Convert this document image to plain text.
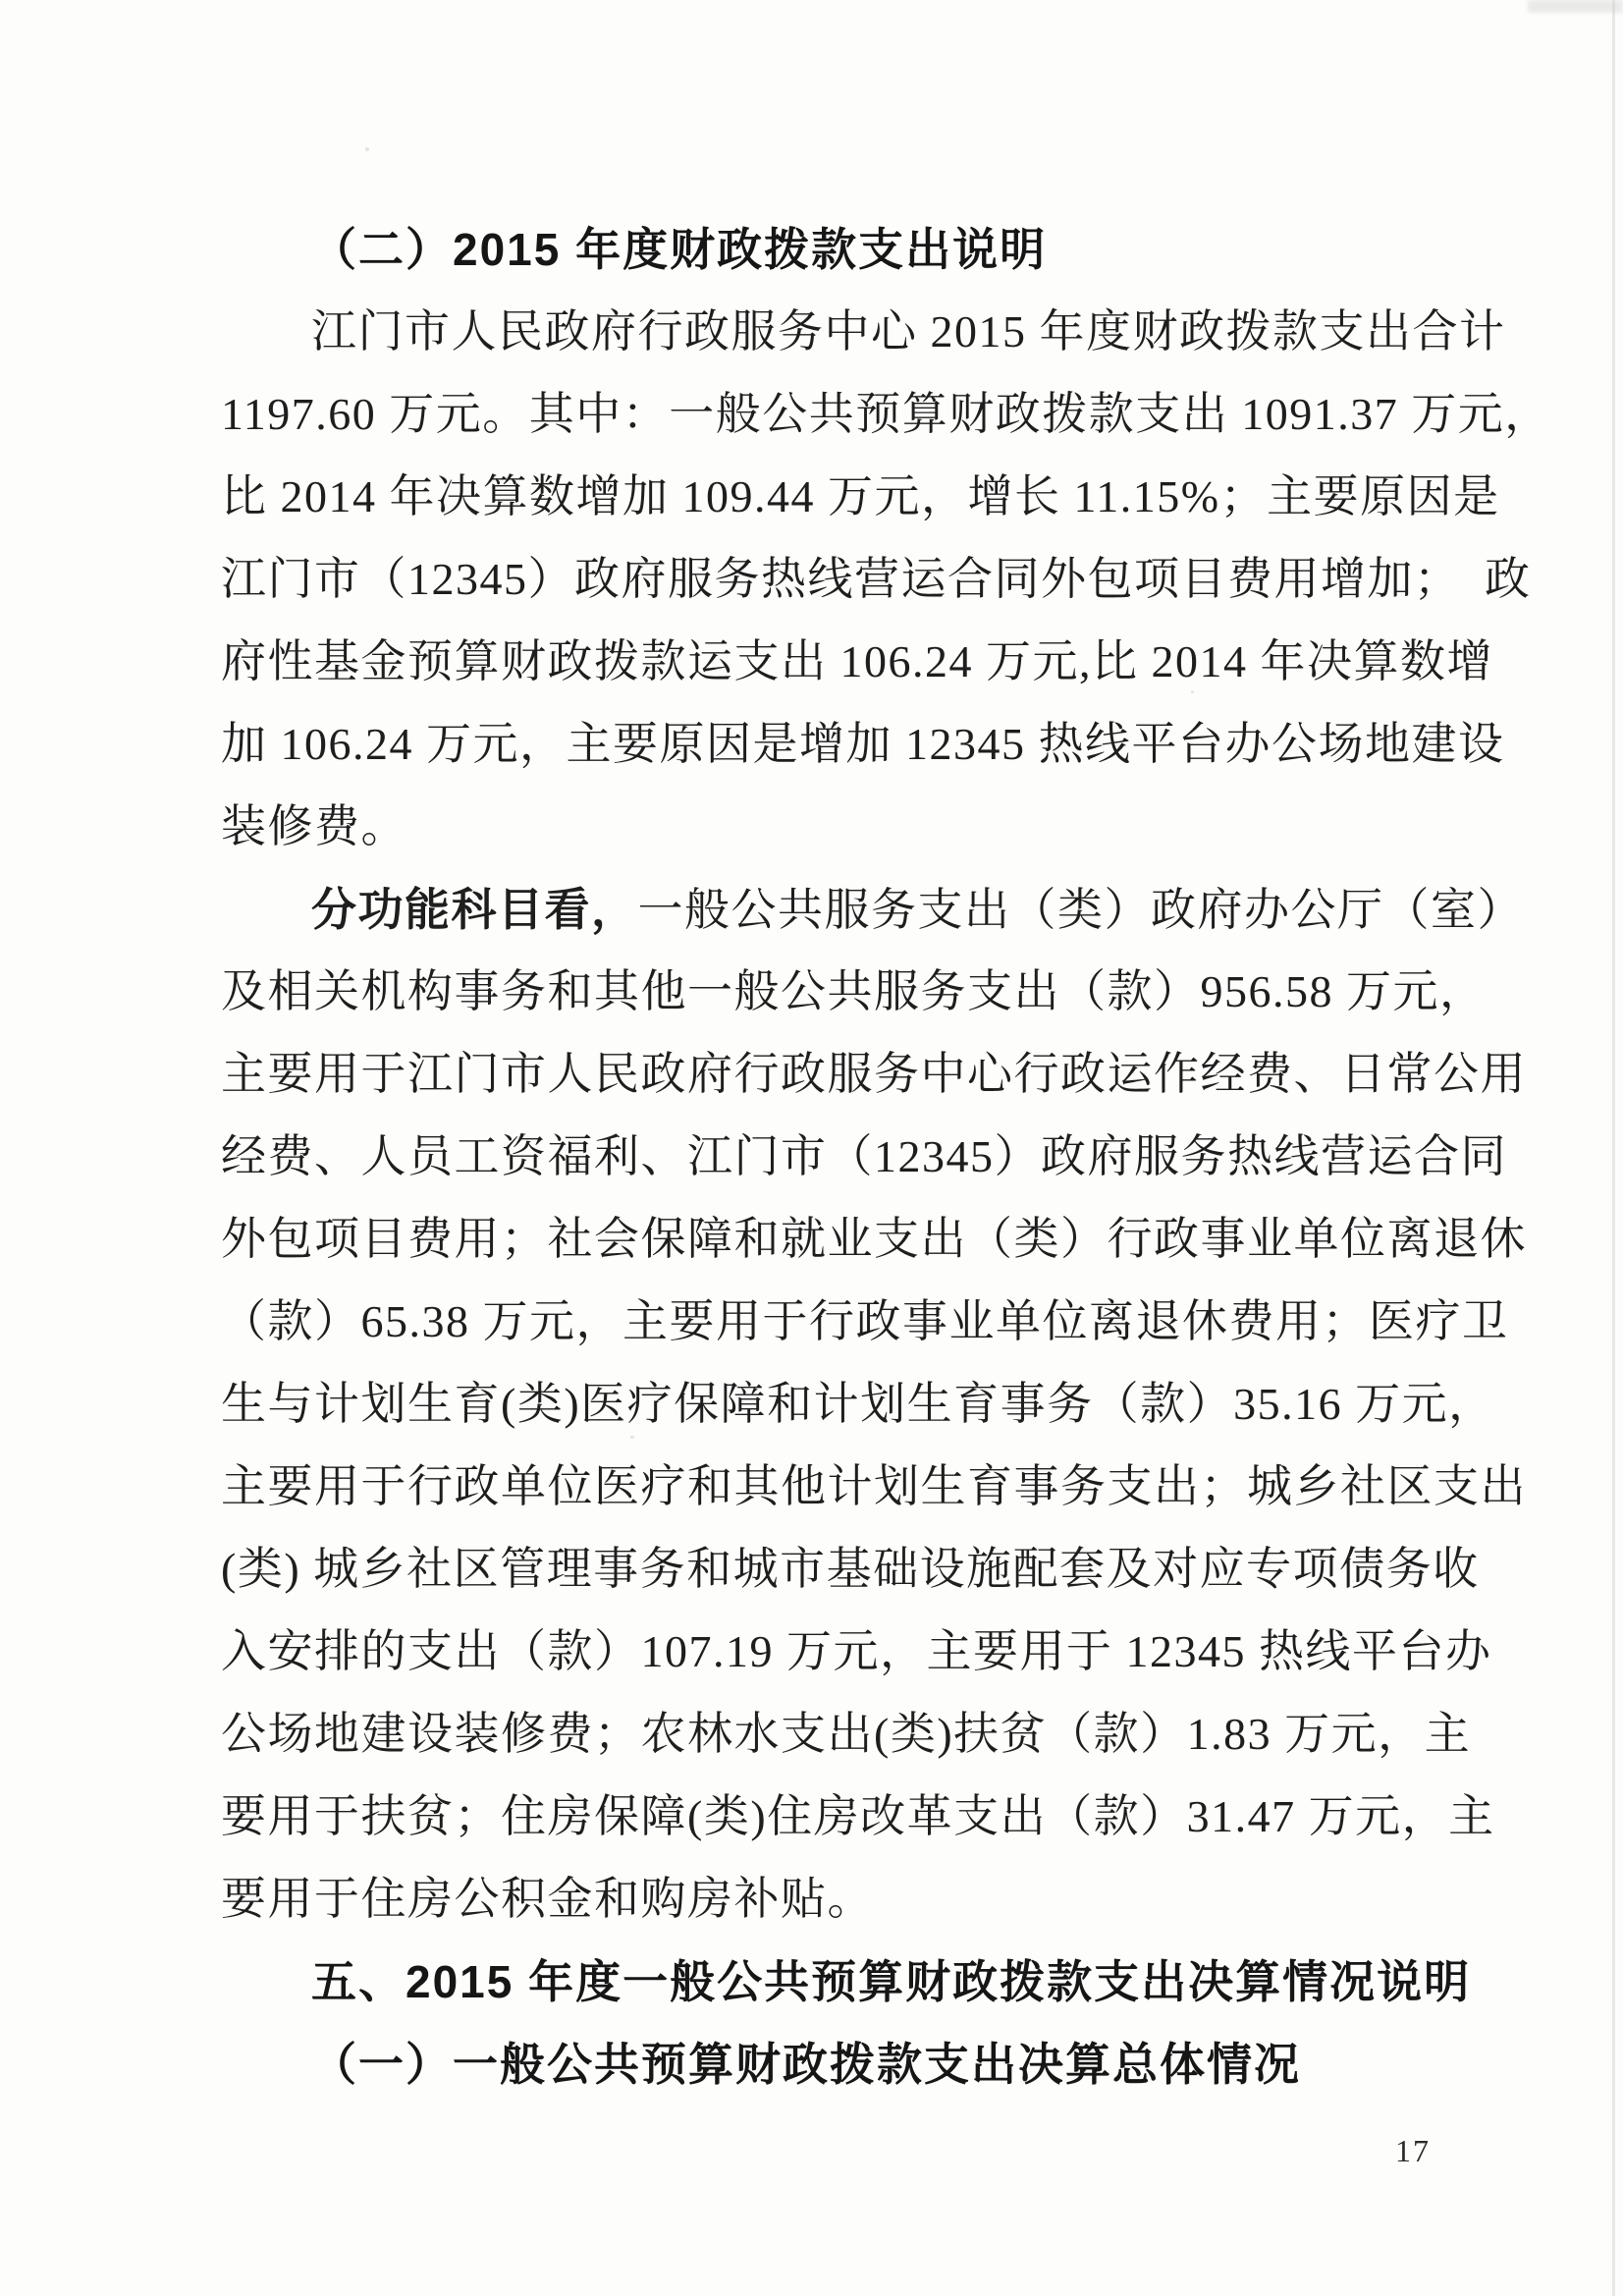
（二）2015 年度财政拨款支出说明
江门市人民政府行政服务中心 2015 年度财政拨款支出合计
1197.60 万元。其中：一般公共预算财政拨款支出 1091.37 万元，
比 2014 年决算数增加 109.44 万元，增长 11.15%；主要原因是
江门市（12345）政府服务热线营运合同外包项目费用增加；　政
府性基金预算财政拨款运支出 106.24 万元,比 2014 年决算数增
加 106.24 万元，主要原因是增加 12345 热线平台办公场地建设
装修费。
分功能科目看，一般公共服务支出（类）政府办公厅（室）
及相关机构事务和其他一般公共服务支出（款）956.58 万元，
主要用于江门市人民政府行政服务中心行政运作经费、日常公用
经费、人员工资福利、江门市（12345）政府服务热线营运合同
外包项目费用；社会保障和就业支出（类）行政事业单位离退休
（款）65.38 万元，主要用于行政事业单位离退休费用；医疗卫
生与计划生育(类)医疗保障和计划生育事务（款）35.16 万元，
主要用于行政单位医疗和其他计划生育事务支出；城乡社区支出
(类) 城乡社区管理事务和城市基础设施配套及对应专项债务收
入安排的支出（款）107.19 万元，主要用于 12345 热线平台办
公场地建设装修费；农林水支出(类)扶贫（款）1.83 万元，主
要用于扶贫；住房保障(类)住房改革支出（款）31.47 万元，主
要用于住房公积金和购房补贴。
五、2015 年度一般公共预算财政拨款支出决算情况说明
（一）一般公共预算财政拨款支出决算总体情况
17
